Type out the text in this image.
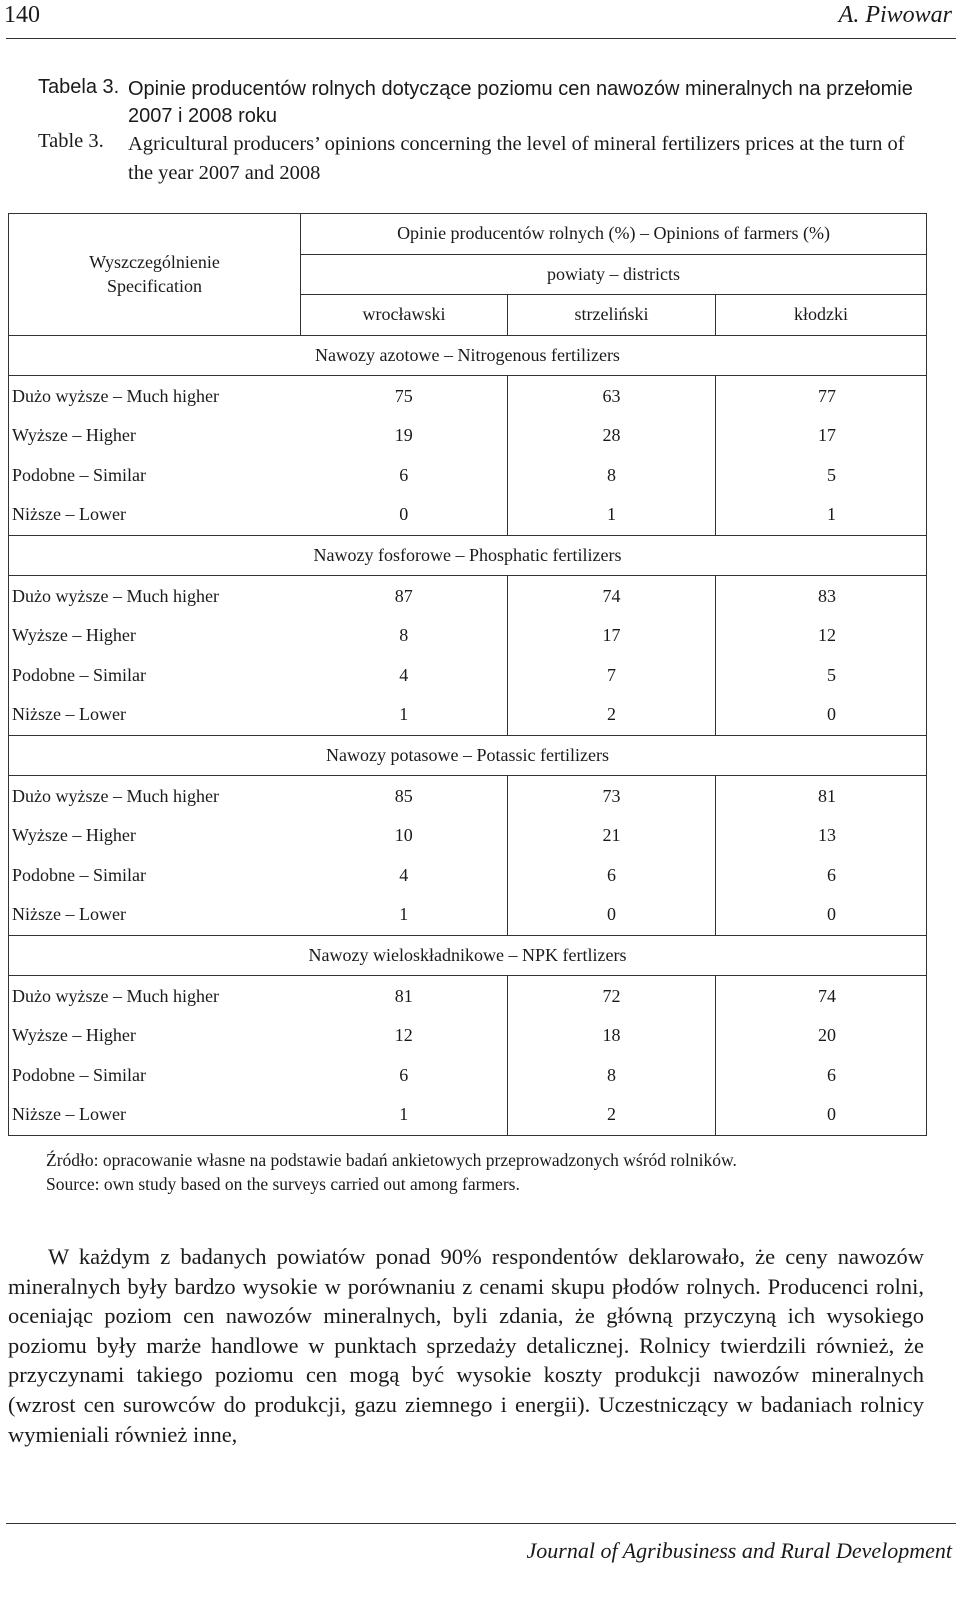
140	A. Piwowar
Tabela 3. Opinie producentów rolnych dotyczące poziomu cen nawozów mineralnych na przełomie 2007 i 2008 roku
Table 3.	Agricultural producers’ opinions concerning the level of mineral fertilizers prices at the turn of the year 2007 and 2008
Wyszczególnienie
Specification	Opinie producentów rolnych (%) – Opinions of farmers (%)		
	powiaty – districts		
	wrocławski	strzeliński	kłodzki
Nawozy azotowe – Nitrogenous fertilizers			
Dużo wyższe – Much higher	75	63	77
Wyższe – Higher	19	28	17
Podobne – Similar	6	8	5
Niższe – Lower	0	1	1
Nawozy fosforowe – Phosphatic fertilizers			
Dużo wyższe – Much higher	87	74	83
Wyższe – Higher	8	17	12
Podobne – Similar	4	7	5
Niższe – Lower	1	2	0
Nawozy potasowe – Potassic fertilizers			
Dużo wyższe – Much higher	85	73	81
Wyższe – Higher	10	21	13
Podobne – Similar	4	6	6
Niższe – Lower	1	0	0
Nawozy wieloskładnikowe – NPK fertlizers			
Dużo wyższe – Much higher	81	72	74
Wyższe – Higher	12	18	20
Podobne – Similar	6	8	6
Niższe – Lower	1	2	0
Źródło: opracowanie własne na podstawie badań ankietowych przeprowadzonych wśród rolników.
Source: own study based on the surveys carried out among farmers.
W każdym z badanych powiatów ponad 90% respondentów deklarowało, że ceny nawozów mineralnych były bardzo wysokie w porównaniu z cenami skupu płodów rolnych. Producenci rolni, oceniając poziom cen nawozów mineralnych, byli zdania, że główną przyczyną ich wysokiego poziomu były marże handlowe w punktach sprzedaży detalicznej. Rolnicy twierdzili również, że przyczynami takiego poziomu cen mogą być wysokie koszty produkcji nawozów mineralnych (wzrost cen surowców do produkcji, gazu ziemnego i energii). Uczestniczący w badaniach rolnicy wymieniali również inne,
Journal of Agribusiness and Rural Development
